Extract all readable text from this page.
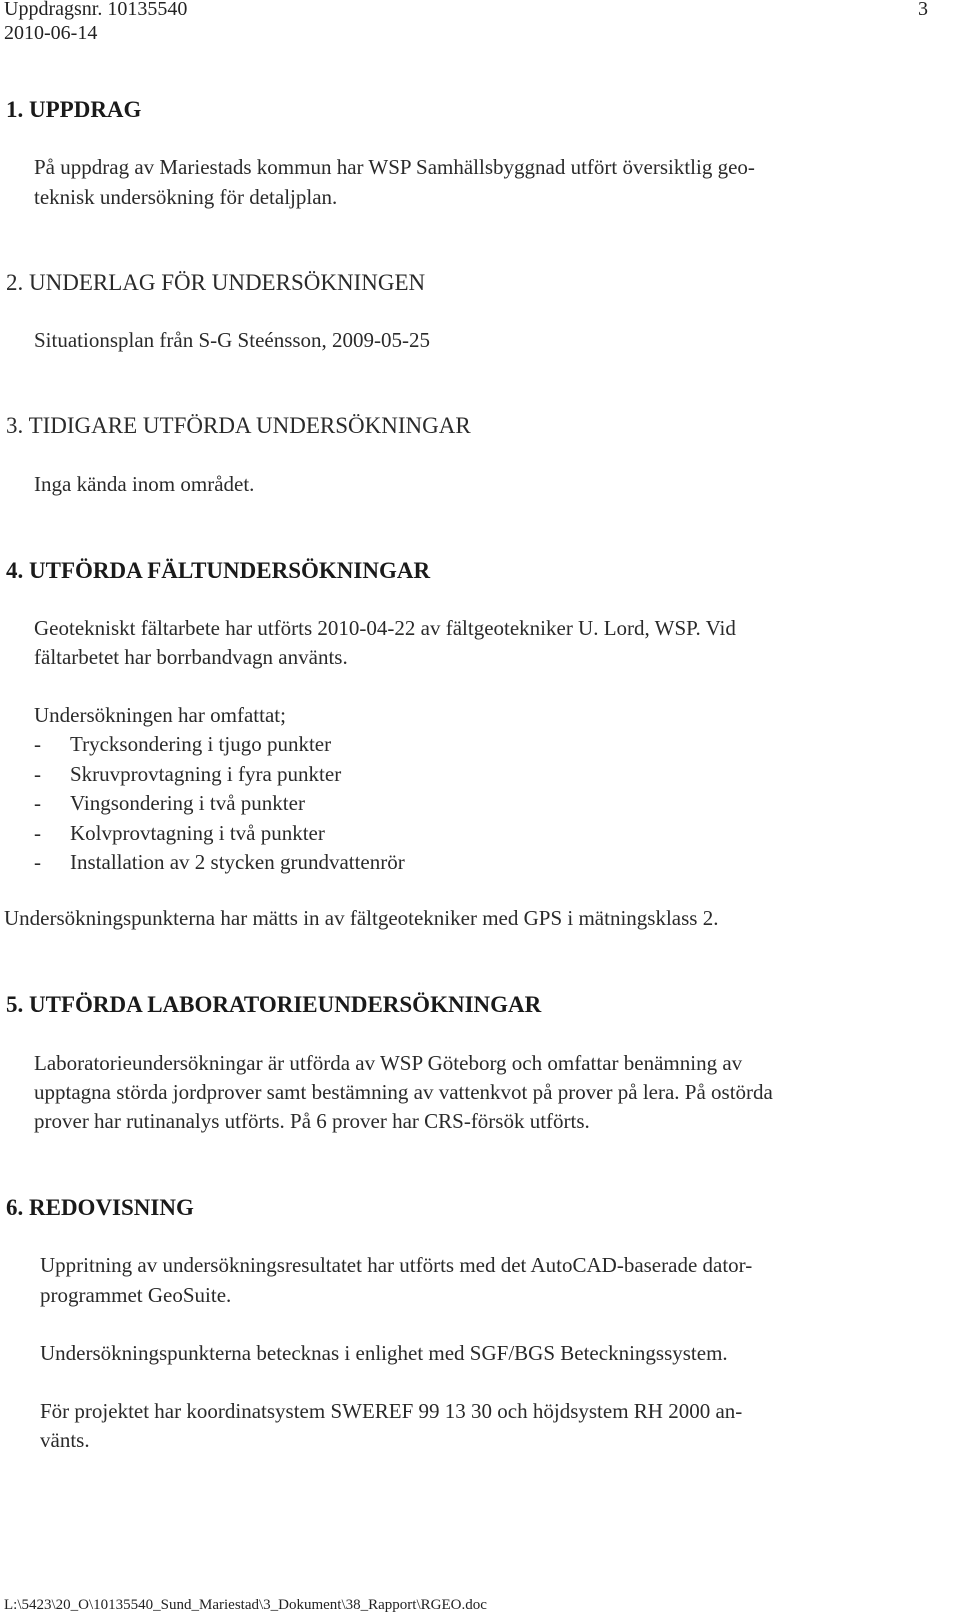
Uppdragsnr. 10135540
2010-06-14
3
1. UPPDRAG
På uppdrag av Mariestads kommun har WSP Samhällsbyggnad utfört översiktlig geo-
teknisk undersökning för detaljplan.
2. UNDERLAG FÖR UNDERSÖKNINGEN
Situationsplan från S-G Steénsson, 2009-05-25
3. TIDIGARE UTFÖRDA UNDERSÖKNINGAR
Inga kända inom området.
4. UTFÖRDA FÄLTUNDERSÖKNINGAR
Geotekniskt fältarbete har utförts 2010-04-22 av fältgeotekniker U. Lord, WSP. Vid
fältarbetet har borrbandvagn använts.
Undersökningen har omfattat;
- Trycksondering i tjugo punkter
- Skruvprovtagning i fyra punkter
- Vingsondering i två punkter
- Kolvprovtagning i två punkter
- Installation av 2 stycken grundvattenrör
Undersökningspunkterna har mätts in av fältgeotekniker med GPS i mätningsklass 2.
5. UTFÖRDA LABORATORIEUNDERSÖKNINGAR
Laboratorieundersökningar är utförda av WSP Göteborg och omfattar benämning av
upptagna störda jordprover samt bestämning av vattenkvot på prover på lera. På ostörda
prover har rutinanalys utförts. På 6 prover har CRS-försök utförts.
6. REDOVISNING
Uppritning av undersökningsresultatet har utförts med det AutoCAD-baserade dator-
programmet GeoSuite.
Undersökningspunkterna betecknas i enlighet med SGF/BGS Beteckningssystem.
För projektet har koordinatsystem SWEREF 99 13 30 och höjdsystem RH 2000 an-
vänts.
L:\5423\20_O\10135540_Sund_Mariestad\3_Dokument\38_Rapport\RGEO.doc
